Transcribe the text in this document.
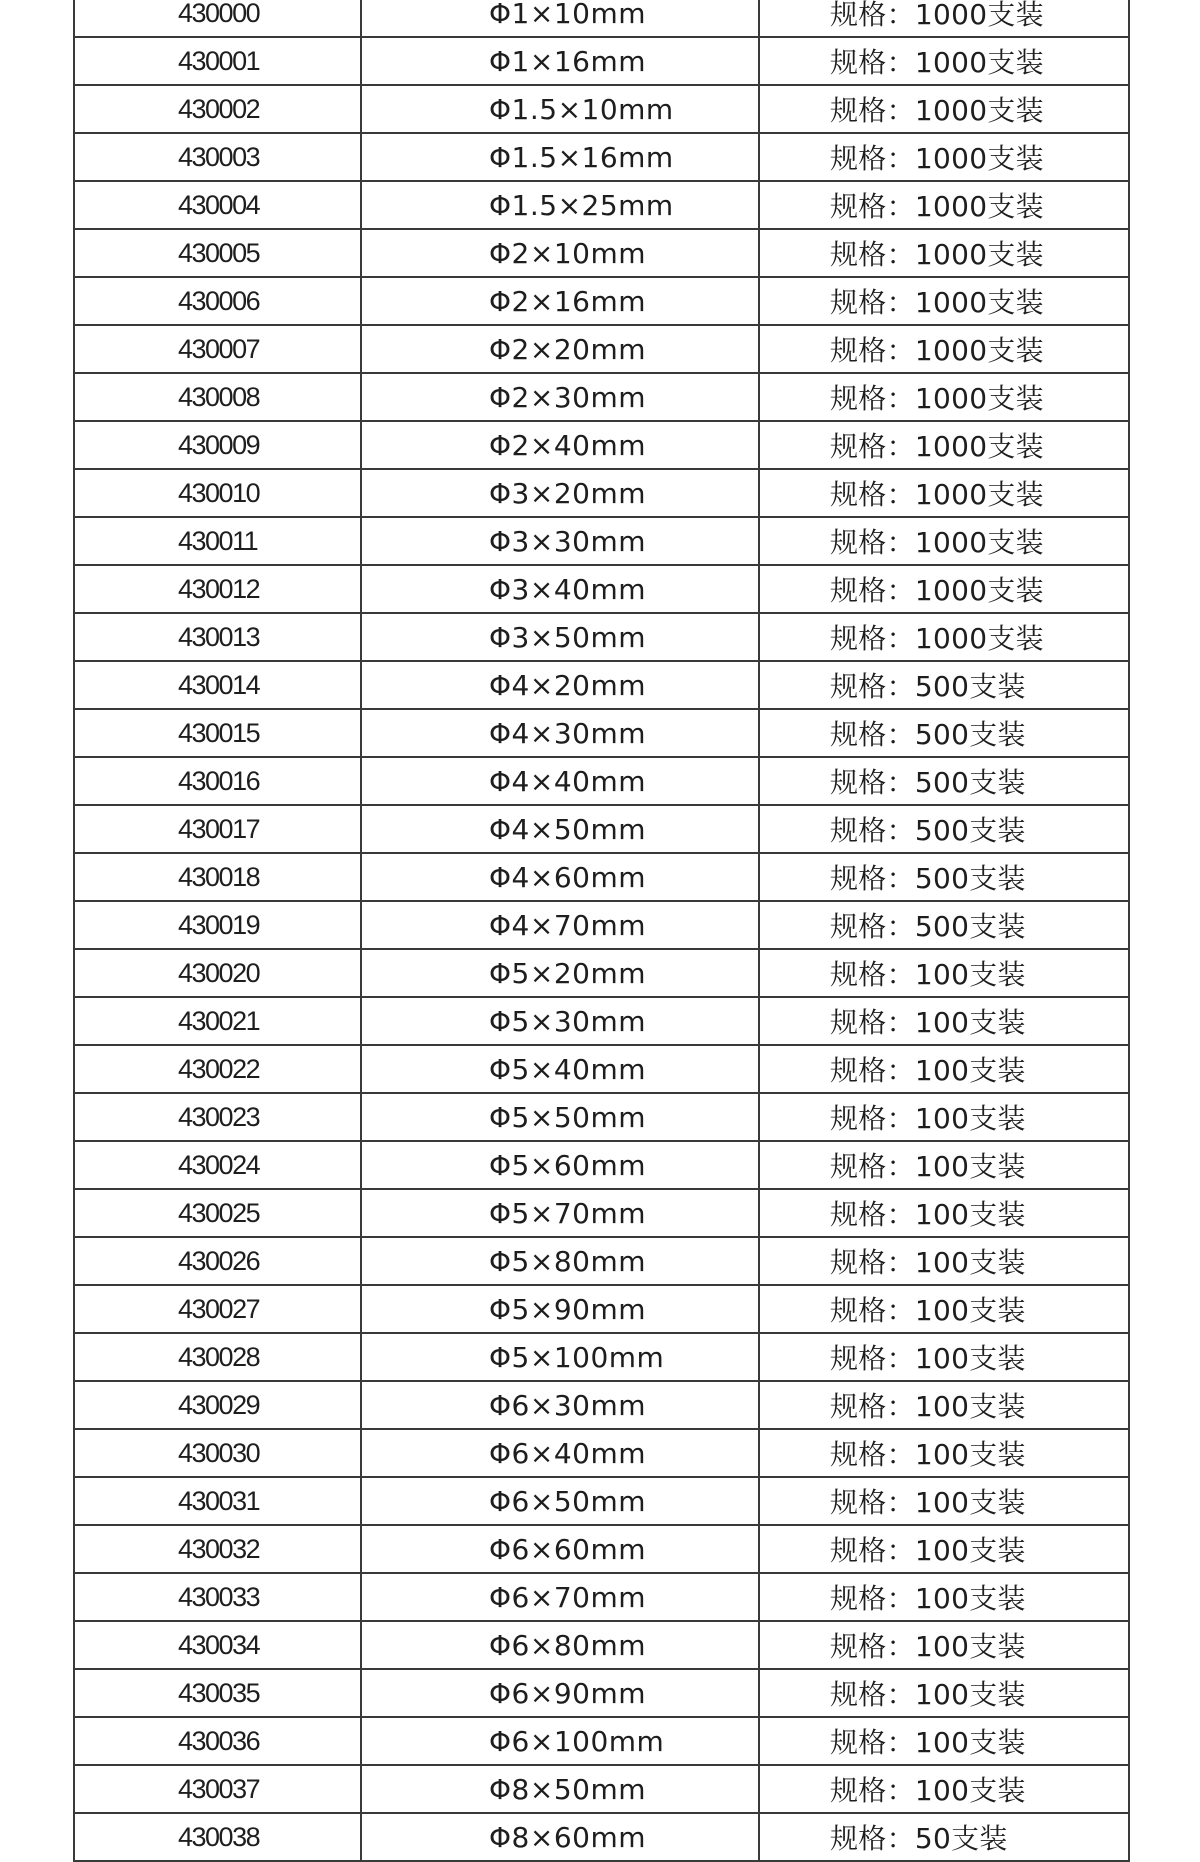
430000	Φ1×10mm	规格：1000支装
430001	Φ1×16mm	规格：1000支装
430002	Φ1.5×10mm	规格：1000支装
430003	Φ1.5×16mm	规格：1000支装
430004	Φ1.5×25mm	规格：1000支装
430005	Φ2×10mm	规格：1000支装
430006	Φ2×16mm	规格：1000支装
430007	Φ2×20mm	规格：1000支装
430008	Φ2×30mm	规格：1000支装
430009	Φ2×40mm	规格：1000支装
430010	Φ3×20mm	规格：1000支装
430011	Φ3×30mm	规格：1000支装
430012	Φ3×40mm	规格：1000支装
430013	Φ3×50mm	规格：1000支装
430014	Φ4×20mm	规格：500支装
430015	Φ4×30mm	规格：500支装
430016	Φ4×40mm	规格：500支装
430017	Φ4×50mm	规格：500支装
430018	Φ4×60mm	规格：500支装
430019	Φ4×70mm	规格：500支装
430020	Φ5×20mm	规格：100支装
430021	Φ5×30mm	规格：100支装
430022	Φ5×40mm	规格：100支装
430023	Φ5×50mm	规格：100支装
430024	Φ5×60mm	规格：100支装
430025	Φ5×70mm	规格：100支装
430026	Φ5×80mm	规格：100支装
430027	Φ5×90mm	规格：100支装
430028	Φ5×100mm	规格：100支装
430029	Φ6×30mm	规格：100支装
430030	Φ6×40mm	规格：100支装
430031	Φ6×50mm	规格：100支装
430032	Φ6×60mm	规格：100支装
430033	Φ6×70mm	规格：100支装
430034	Φ6×80mm	规格：100支装
430035	Φ6×90mm	规格：100支装
430036	Φ6×100mm	规格：100支装
430037	Φ8×50mm	规格：100支装
430038	Φ8×60mm	规格：50支装
